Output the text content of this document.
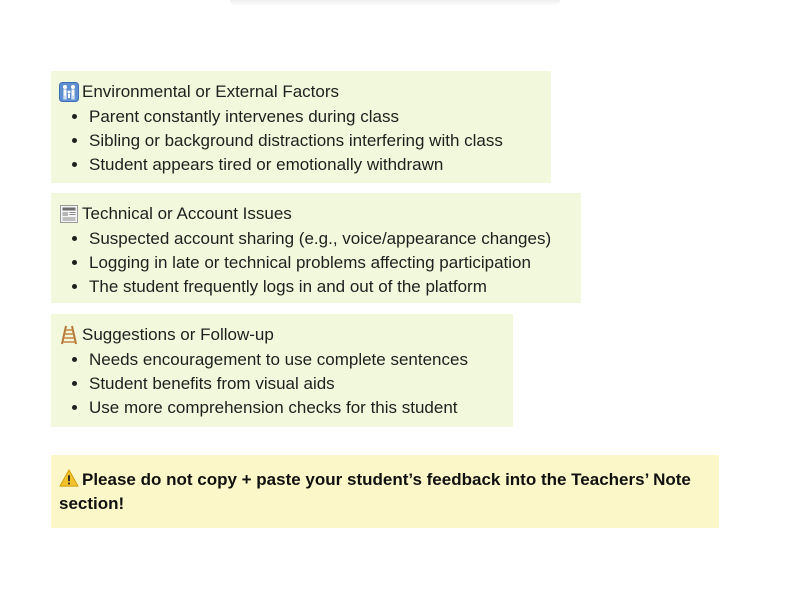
Environmental or External Factors
• Parent constantly intervenes during class
• Sibling or background distractions interfering with class
• Student appears tired or emotionally withdrawn
Technical or Account Issues
• Suspected account sharing (e.g., voice/appearance changes)
• Logging in late or technical problems affecting participation
• The student frequently logs in and out of the platform
Suggestions or Follow-up
• Needs encouragement to use complete sentences
• Student benefits from visual aids
• Use more comprehension checks for this student
Please do not copy + paste your student’s feedback into the Teachers’ Note section!
